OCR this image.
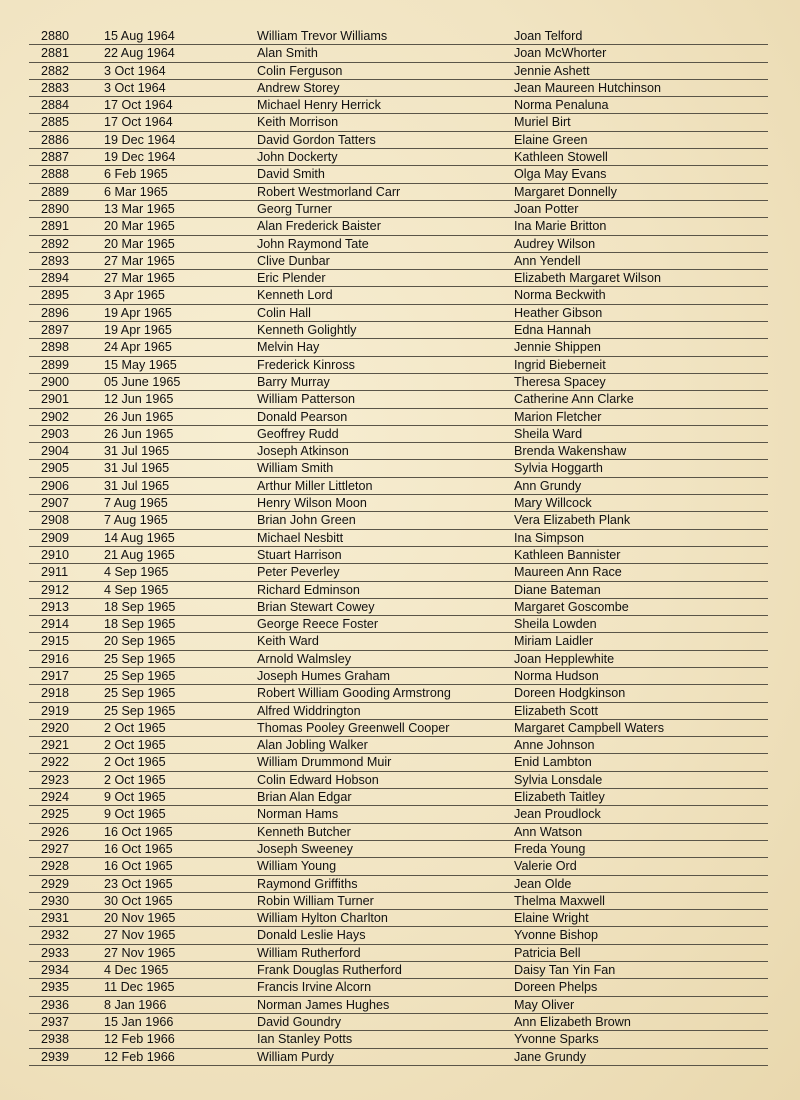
2880	15 Aug 1964	William Trevor Williams	Joan Telford
2881	22 Aug 1964	Alan Smith	Joan McWhorter
2882	3 Oct 1964	Colin Ferguson	Jennie Ashett
2883	3 Oct 1964	Andrew Storey	Jean Maureen Hutchinson
2884	17 Oct 1964	Michael Henry Herrick	Norma Penaluna
2885	17 Oct 1964	Keith Morrison	Muriel Birt
2886	19 Dec 1964	David Gordon Tatters	Elaine Green
2887	19 Dec 1964	John Dockerty	Kathleen Stowell
2888	6 Feb 1965	David Smith	Olga May Evans
2889	6 Mar 1965	Robert Westmorland Carr	Margaret Donnelly
2890	13 Mar 1965	Georg Turner	Joan Potter
2891	20 Mar 1965	Alan Frederick Baister	Ina Marie Britton
2892	20 Mar 1965	John Raymond Tate	Audrey Wilson
2893	27 Mar 1965	Clive Dunbar	Ann Yendell
2894	27 Mar 1965	Eric Plender	Elizabeth Margaret Wilson
2895	3 Apr 1965	Kenneth Lord	Norma Beckwith
2896	19 Apr 1965	Colin Hall	Heather Gibson
2897	19 Apr 1965	Kenneth Golightly	Edna Hannah
2898	24 Apr 1965	Melvin Hay	Jennie Shippen
2899	15 May 1965	Frederick Kinross	Ingrid Bieberneit
2900	05 June 1965	Barry Murray	Theresa Spacey
2901	12 Jun 1965	William Patterson	Catherine Ann Clarke
2902	26 Jun 1965	Donald Pearson	Marion Fletcher
2903	26 Jun 1965	Geoffrey Rudd	Sheila Ward
2904	31 Jul 1965	Joseph Atkinson	Brenda Wakenshaw
2905	31 Jul 1965	William Smith	Sylvia Hoggarth
2906	31 Jul 1965	Arthur Miller Littleton	Ann Grundy
2907	7 Aug 1965	Henry Wilson Moon	Mary Willcock
2908	7 Aug 1965	Brian John Green	Vera Elizabeth Plank
2909	14 Aug 1965	Michael Nesbitt	Ina Simpson
2910	21 Aug 1965	Stuart Harrison	Kathleen Bannister
2911	4 Sep 1965	Peter Peverley	Maureen Ann Race
2912	4 Sep 1965	Richard Edminson	Diane Bateman
2913	18 Sep 1965	Brian Stewart Cowey	Margaret Goscombe
2914	18 Sep 1965	George Reece Foster	Sheila Lowden
2915	20 Sep 1965	Keith Ward	Miriam Laidler
2916	25 Sep 1965	Arnold Walmsley	Joan Hepplewhite
2917	25 Sep 1965	Joseph Humes Graham	Norma Hudson
2918	25 Sep 1965	Robert William Gooding Armstrong	Doreen Hodgkinson
2919	25 Sep 1965	Alfred Widdrington	Elizabeth Scott
2920	2 Oct 1965	Thomas Pooley Greenwell Cooper	Margaret Campbell Waters
2921	2 Oct 1965	Alan Jobling Walker	Anne Johnson
2922	2 Oct 1965	William Drummond Muir	Enid Lambton
2923	2 Oct 1965	Colin Edward Hobson	Sylvia Lonsdale
2924	9 Oct 1965	Brian Alan Edgar	Elizabeth Taitley
2925	9 Oct 1965	Norman Hams	Jean Proudlock
2926	16 Oct 1965	Kenneth Butcher	Ann Watson
2927	16 Oct 1965	Joseph Sweeney	Freda Young
2928	16 Oct 1965	William Young	Valerie Ord
2929	23 Oct 1965	Raymond Griffiths	Jean Olde
2930	30 Oct 1965	Robin William Turner	Thelma Maxwell
2931	20 Nov 1965	William Hylton Charlton	Elaine Wright
2932	27 Nov 1965	Donald Leslie Hays	Yvonne Bishop
2933	27 Nov 1965	William Rutherford	Patricia Bell
2934	4 Dec 1965	Frank Douglas Rutherford	Daisy Tan Yin Fan
2935	11 Dec 1965	Francis Irvine Alcorn	Doreen Phelps
2936	8 Jan 1966	Norman James Hughes	May Oliver
2937	15 Jan 1966	David Goundry	Ann Elizabeth Brown
2938	12 Feb 1966	Ian Stanley Potts	Yvonne Sparks
2939	12 Feb 1966	William Purdy	Jane Grundy
